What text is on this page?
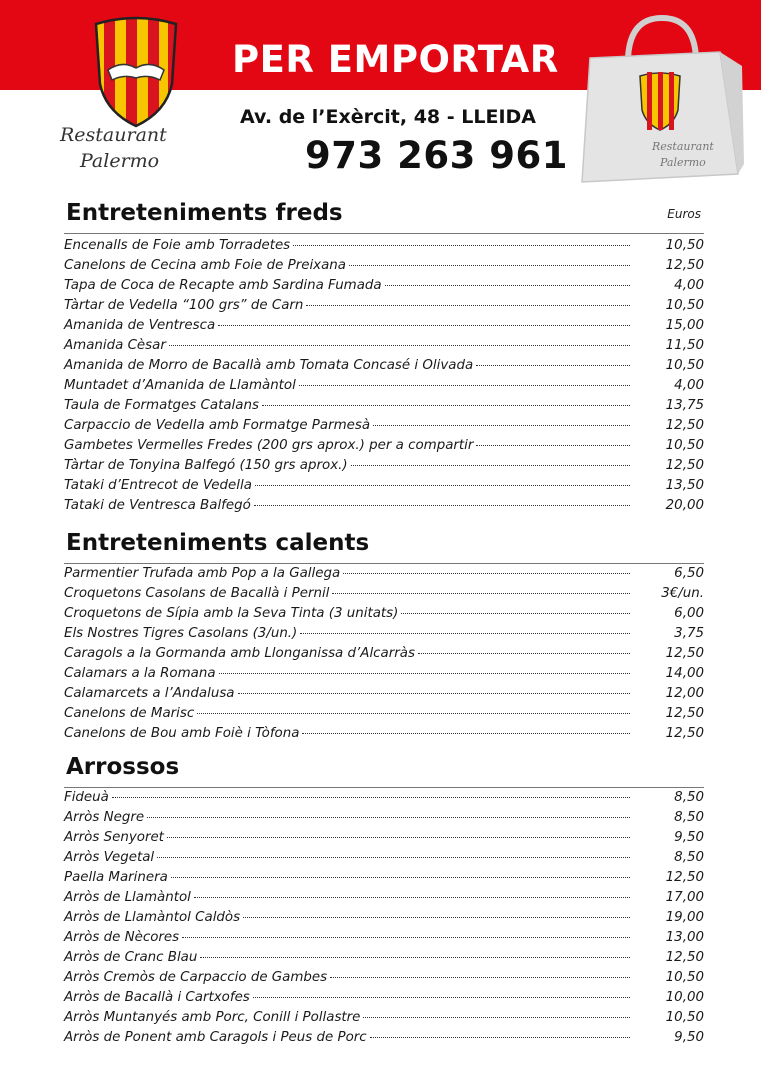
PER EMPORTAR
Restaurant
Palermo
Av. de l’Exèrcit, 48 - LLEIDA
973 263 961	Restaurant
Palermo
Entreteniments freds	Euros
Encenalls de Foie amb Torradetes	10,50
Canelons de Cecina amb Foie de Preixana	12,50
Tapa de Coca de Recapte amb Sardina Fumada	4,00
Tàrtar de Vedella “100 grs” de Carn	10,50
Amanida de Ventresca	15,00
Amanida Cèsar	11,50
Amanida de Morro de Bacallà amb Tomata Concasé i Olivada	10,50
Muntadet d’Amanida de Llamàntol	4,00
Taula de Formatges Catalans	13,75
Carpaccio de Vedella amb Formatge Parmesà	12,50
Gambetes Vermelles Fredes (200 grs aprox.) per a compartir	10,50
Tàrtar de Tonyina Balfegó (150 grs aprox.)	12,50
Tataki d’Entrecot de Vedella	13,50
Tataki de Ventresca Balfegó	20,00
Entreteniments calents
Parmentier Trufada amb Pop a la Gallega	6,50
Croquetons Casolans de Bacallà i Pernil	3€/un.
Croquetons de Sípia amb la Seva Tinta (3 unitats)	6,00
Els Nostres Tigres Casolans (3/un.)	3,75
Caragols a la Gormanda amb Llonganissa d’Alcarràs	12,50
Calamars a la Romana	14,00
Calamarcets a l’Andalusa	12,00
Canelons de Marisc	12,50
Canelons de Bou amb Foiè i Tòfona	12,50
Arrossos
Fideuà	8,50
Arròs Negre	8,50
Arròs Senyoret	9,50
Arròs Vegetal	8,50
Paella Marinera	12,50
Arròs de Llamàntol	17,00
Arròs de Llamàntol Caldòs	19,00
Arròs de Nècores	13,00
Arròs de Cranc Blau	12,50
Arròs Cremòs de Carpaccio de Gambes	10,50
Arròs de Bacallà i Cartxofes	10,00
Arròs Muntanyés amb Porc, Conill i Pollastre	10,50
Arròs de Ponent amb Caragols i Peus de Porc	9,50
